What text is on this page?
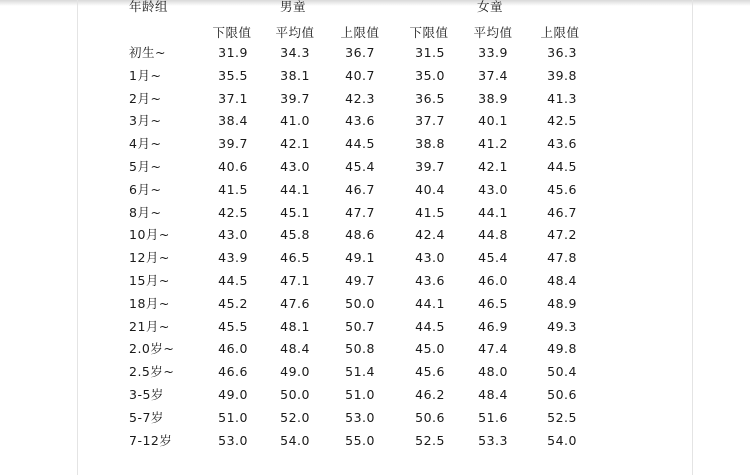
年龄组	男童	女童
下限值	平均值	上限值	下限值	平均值	上限值
初生~	31.9	34.3	36.7	31.5	33.9	36.3
1月~	35.5	38.1	40.7	35.0	37.4	39.8
2月~	37.1	39.7	42.3	36.5	38.9	41.3
3月~	38.4	41.0	43.6	37.7	40.1	42.5
4月~	39.7	42.1	44.5	38.8	41.2	43.6
5月~	40.6	43.0	45.4	39.7	42.1	44.5
6月~	41.5	44.1	46.7	40.4	43.0	45.6
8月~	42.5	45.1	47.7	41.5	44.1	46.7
10月~	43.0	45.8	48.6	42.4	44.8	47.2
12月~	43.9	46.5	49.1	43.0	45.4	47.8
15月~	44.5	47.1	49.7	43.6	46.0	48.4
18月~	45.2	47.6	50.0	44.1	46.5	48.9
21月~	45.5	48.1	50.7	44.5	46.9	49.3
2.0岁~	46.0	48.4	50.8	45.0	47.4	49.8
2.5岁~	46.6	49.0	51.4	45.6	48.0	50.4
3-5岁	49.0	50.0	51.0	46.2	48.4	50.6
5-7岁	51.0	52.0	53.0	50.6	51.6	52.5
7-12岁	53.0	54.0	55.0	52.5	53.3	54.0
